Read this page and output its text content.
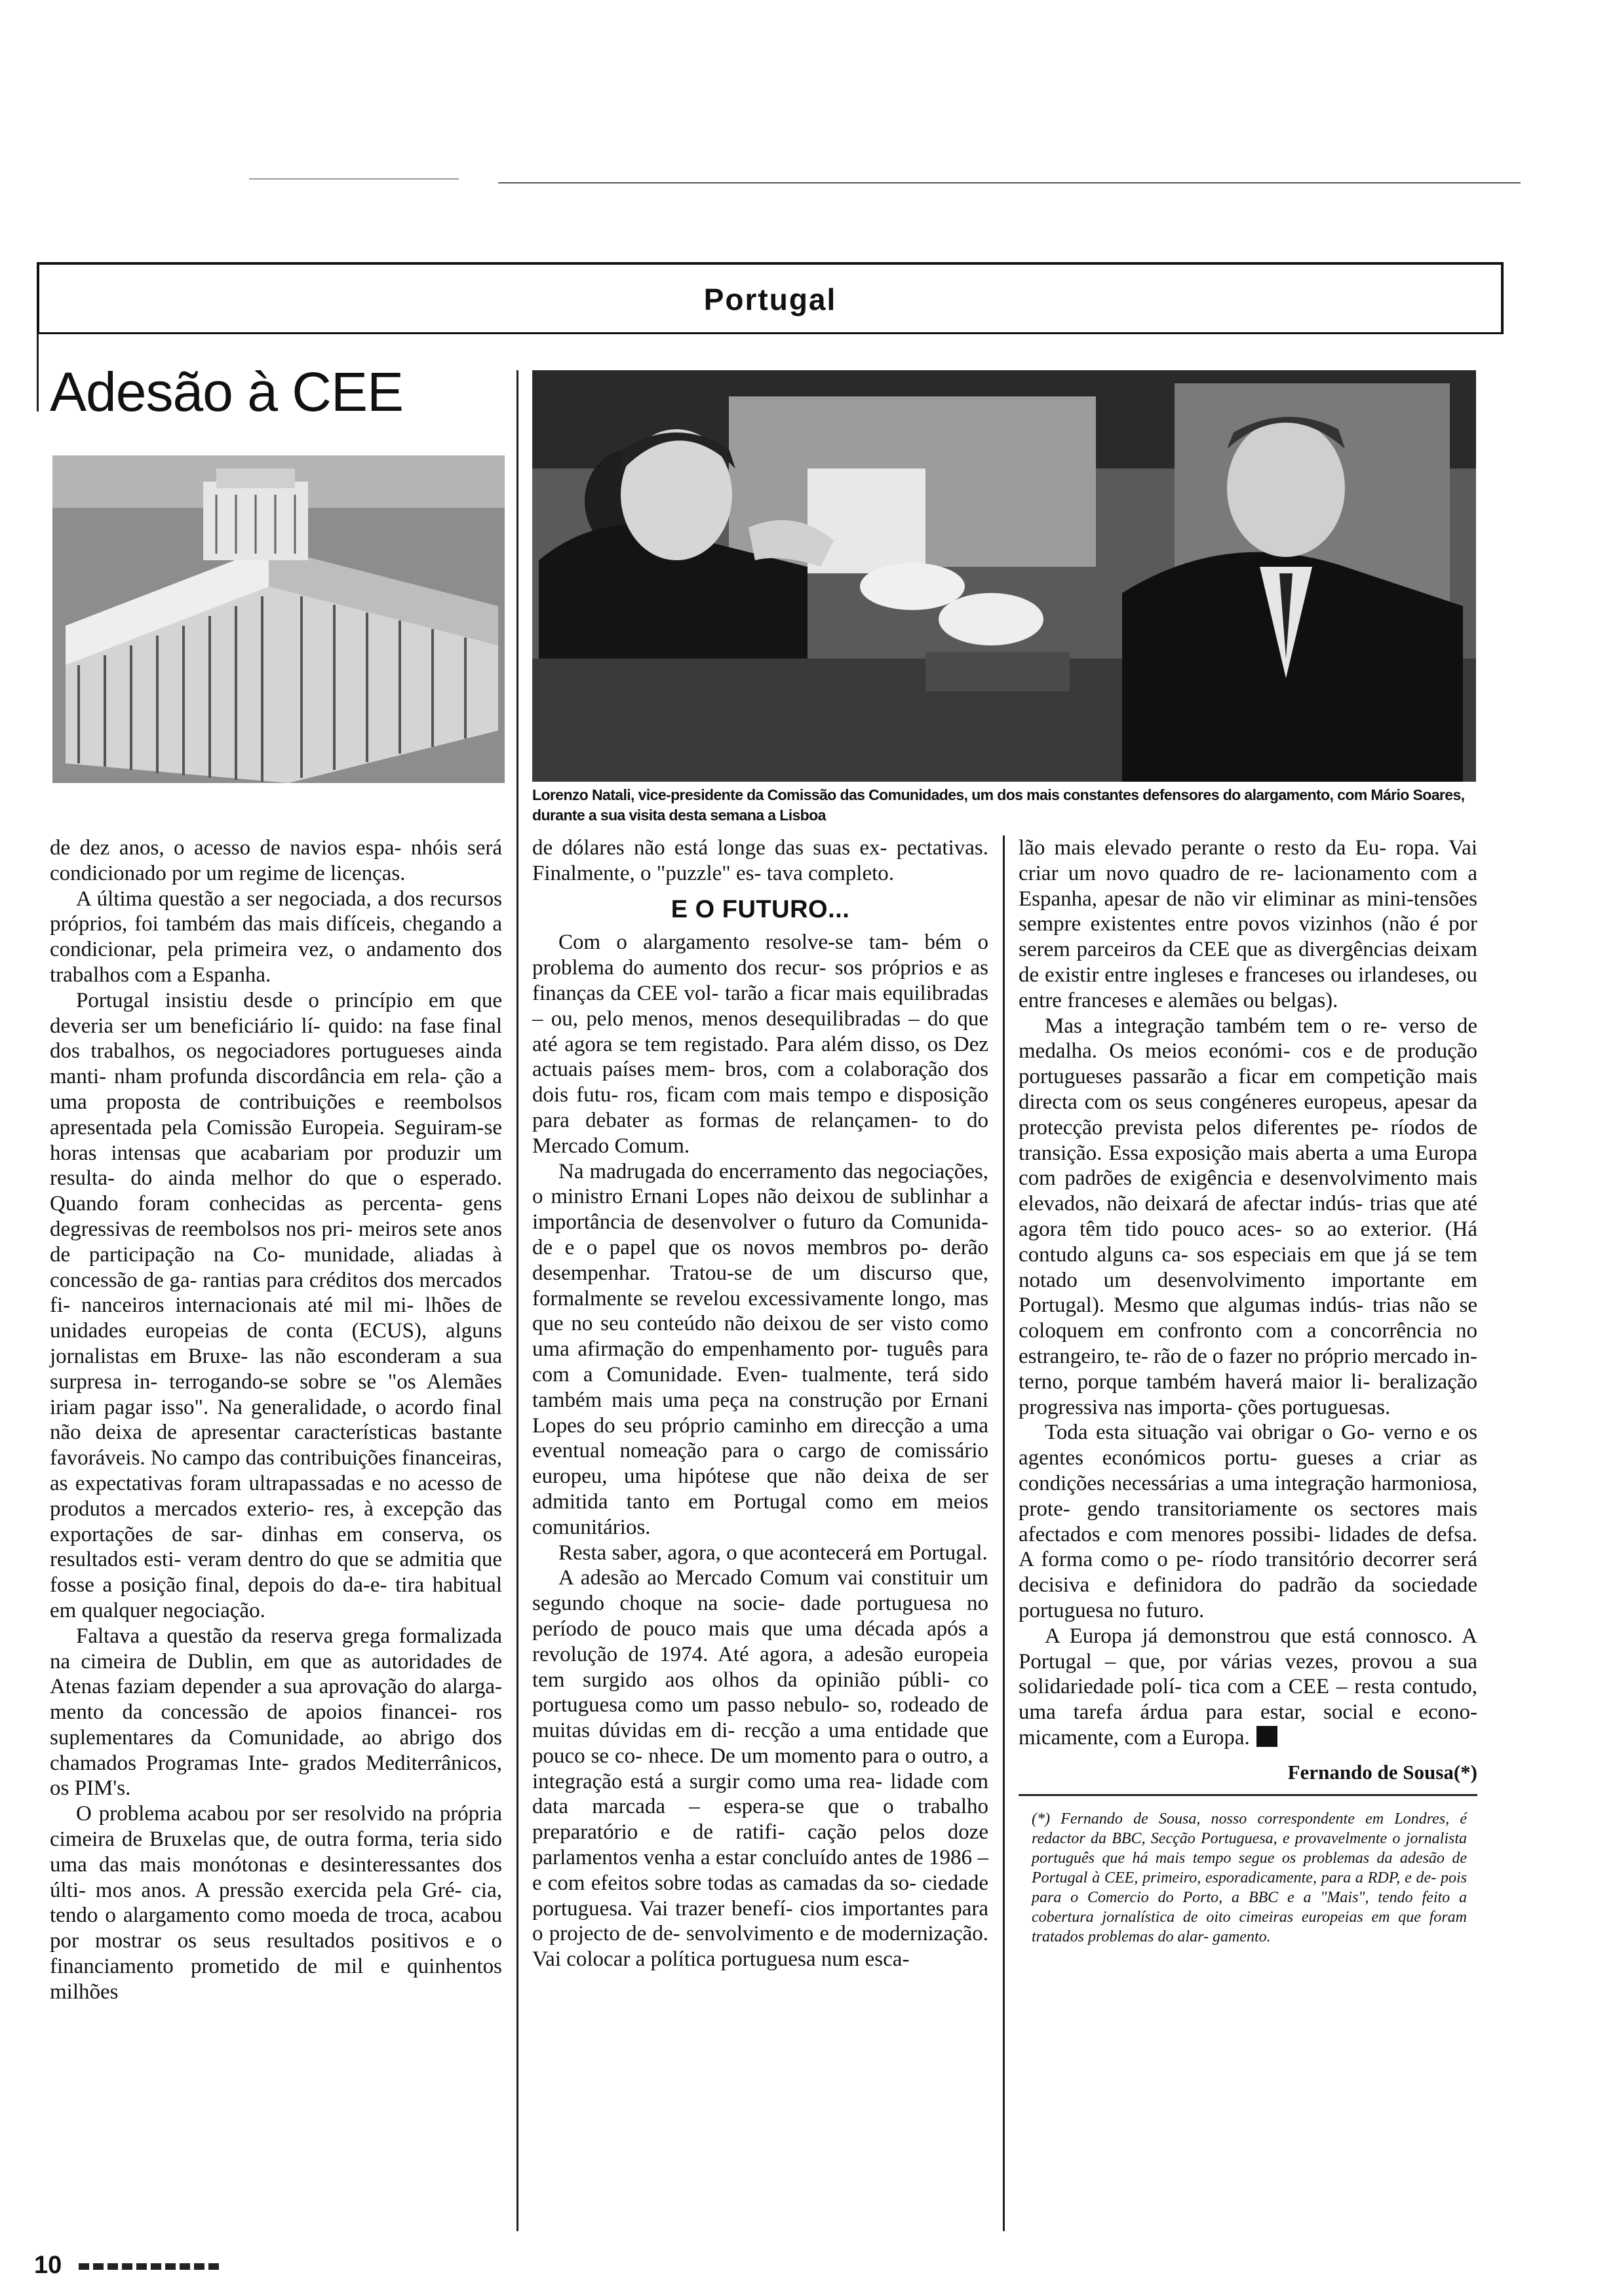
Portugal
Adesão à CEE
Lorenzo Natali, vice-presidente da Comissão das Comunidades, um dos mais constantes defensores do alargamento, com Mário Soares, durante a sua visita desta semana a Lisboa

de dez anos, o acesso de navios espa- nhóis será condicionado por um regime de licenças.

A última questão a ser negociada, a dos recursos próprios, foi também das mais difíceis, chegando a condicionar, pela primeira vez, o andamento dos trabalhos com a Espanha.

Portugal insistiu desde o princípio em que deveria ser um beneficiário lí- quido: na fase final dos trabalhos, os negociadores portugueses ainda manti- nham profunda discordância em rela- ção a uma proposta de contribuições e reembolsos apresentada pela Comissão Europeia. Seguiram-se horas intensas que acabariam por produzir um resulta- do ainda melhor do que o esperado. Quando foram conhecidas as percenta- gens degressivas de reembolsos nos pri- meiros sete anos de participação na Co- munidade, aliadas à concessão de ga- rantias para créditos dos mercados fi- nanceiros internacionais até mil mi- lhões de unidades europeias de conta (ECUS), alguns jornalistas em Bruxe- las não esconderam a sua surpresa in- terrogando-se sobre se "os Alemães iriam pagar isso". Na generalidade, o acordo final não deixa de apresentar características bastante favoráveis. No campo das contribuições financeiras, as expectativas foram ultrapassadas e no acesso de produtos a mercados exterio- res, à excepção das exportações de sar- dinhas em conserva, os resultados esti- veram dentro do que se admitia que fosse a posição final, depois do da-e- tira habitual em qualquer negociação.

Faltava a questão da reserva grega formalizada na cimeira de Dublin, em que as autoridades de Atenas faziam depender a sua aprovação do alarga- mento da concessão de apoios financei- ros suplementares da Comunidade, ao abrigo dos chamados Programas Inte- grados Mediterrânicos, os PIM's.

O problema acabou por ser resolvido na própria cimeira de Bruxelas que, de outra forma, teria sido uma das mais monótonas e desinteressantes dos últi- mos anos. A pressão exercida pela Gré- cia, tendo o alargamento como moeda de troca, acabou por mostrar os seus resultados positivos e o financiamento prometido de mil e quinhentos milhões

de dólares não está longe das suas ex- pectativas. Finalmente, o "puzzle" es- tava completo.

E O FUTURO...

Com o alargamento resolve-se tam- bém o problema do aumento dos recur- sos próprios e as finanças da CEE vol- tarão a ficar mais equilibradas – ou, pelo menos, menos desequilibradas – do que até agora se tem registado. Para além disso, os Dez actuais países mem- bros, com a colaboração dos dois futu- ros, ficam com mais tempo e disposição para debater as formas de relançamen- to do Mercado Comum.

Na madrugada do encerramento das negociações, o ministro Ernani Lopes não deixou de sublinhar a importância de desenvolver o futuro da Comunida- de e o papel que os novos membros po- derão desempenhar. Tratou-se de um discurso que, formalmente se revelou excessivamente longo, mas que no seu conteúdo não deixou de ser visto como uma afirmação do empenhamento por- tuguês para com a Comunidade. Even- tualmente, terá sido também mais uma peça na construção por Ernani Lopes do seu próprio caminho em direcção a uma eventual nomeação para o cargo de comissário europeu, uma hipótese que não deixa de ser admitida tanto em Portugal como em meios comunitários.

Resta saber, agora, o que acontecerá em Portugal.

A adesão ao Mercado Comum vai constituir um segundo choque na socie- dade portuguesa no período de pouco mais que uma década após a revolução de 1974. Até agora, a adesão europeia tem surgido aos olhos da opinião públi- co portuguesa como um passo nebulo- so, rodeado de muitas dúvidas em di- recção a uma entidade que pouco se co- nhece. De um momento para o outro, a integração está a surgir como uma rea- lidade com data marcada – espera-se que o trabalho preparatório e de ratifi- cação pelos doze parlamentos venha a estar concluído antes de 1986 – e com efeitos sobre todas as camadas da so- ciedade portuguesa. Vai trazer benefí- cios importantes para o projecto de de- senvolvimento e de modernização. Vai colocar a política portuguesa num esca-

lão mais elevado perante o resto da Eu- ropa. Vai criar um novo quadro de re- lacionamento com a Espanha, apesar de não vir eliminar as mini-tensões sempre existentes entre povos vizinhos (não é por serem parceiros da CEE que as divergências deixam de existir entre ingleses e franceses ou irlandeses, ou entre franceses e alemães ou belgas).

Mas a integração também tem o re- verso de medalha. Os meios económi- cos e de produção portugueses passarão a ficar em competição mais directa com os seus congéneres europeus, apesar da protecção prevista pelos diferentes pe- ríodos de transição. Essa exposição mais aberta a uma Europa com padrões de exigência e desenvolvimento mais elevados, não deixará de afectar indús- trias que até agora têm tido pouco aces- so ao exterior. (Há contudo alguns ca- sos especiais em que já se tem notado um desenvolvimento importante em Portugal). Mesmo que algumas indús- trias não se coloquem em confronto com a concorrência no estrangeiro, te- rão de o fazer no próprio mercado in- terno, porque também haverá maior li- beralização progressiva nas importa- ções portuguesas.

Toda esta situação vai obrigar o Go- verno e os agentes económicos portu- gueses a criar as condições necessárias a uma integração harmoniosa, prote- gendo transitoriamente os sectores mais afectados e com menores possibi- lidades de defsa. A forma como o pe- ríodo transitório decorrer será decisiva e definidora do padrão da sociedade portuguesa no futuro.

A Europa já demonstrou que está connosco. A Portugal – que, por várias vezes, provou a sua solidariedade polí- tica com a CEE – resta contudo, uma tarefa árdua para estar, social e econo- micamente, com a Europa.

Fernando de Sousa(*)
(*) Fernando de Sousa, nosso correspondente em Londres, é redactor da BBC, Secção Portuguesa, e provavelmente o jornalista português que há mais tempo segue os problemas da adesão de Portugal à CEE, primeiro, esporadicamente, para a RDP, e de- pois para o Comercio do Porto, a BBC e a "Mais", tendo feito a cobertura jornalística de oito cimeiras europeias em que foram tratados problemas do alar- gamento.
10
